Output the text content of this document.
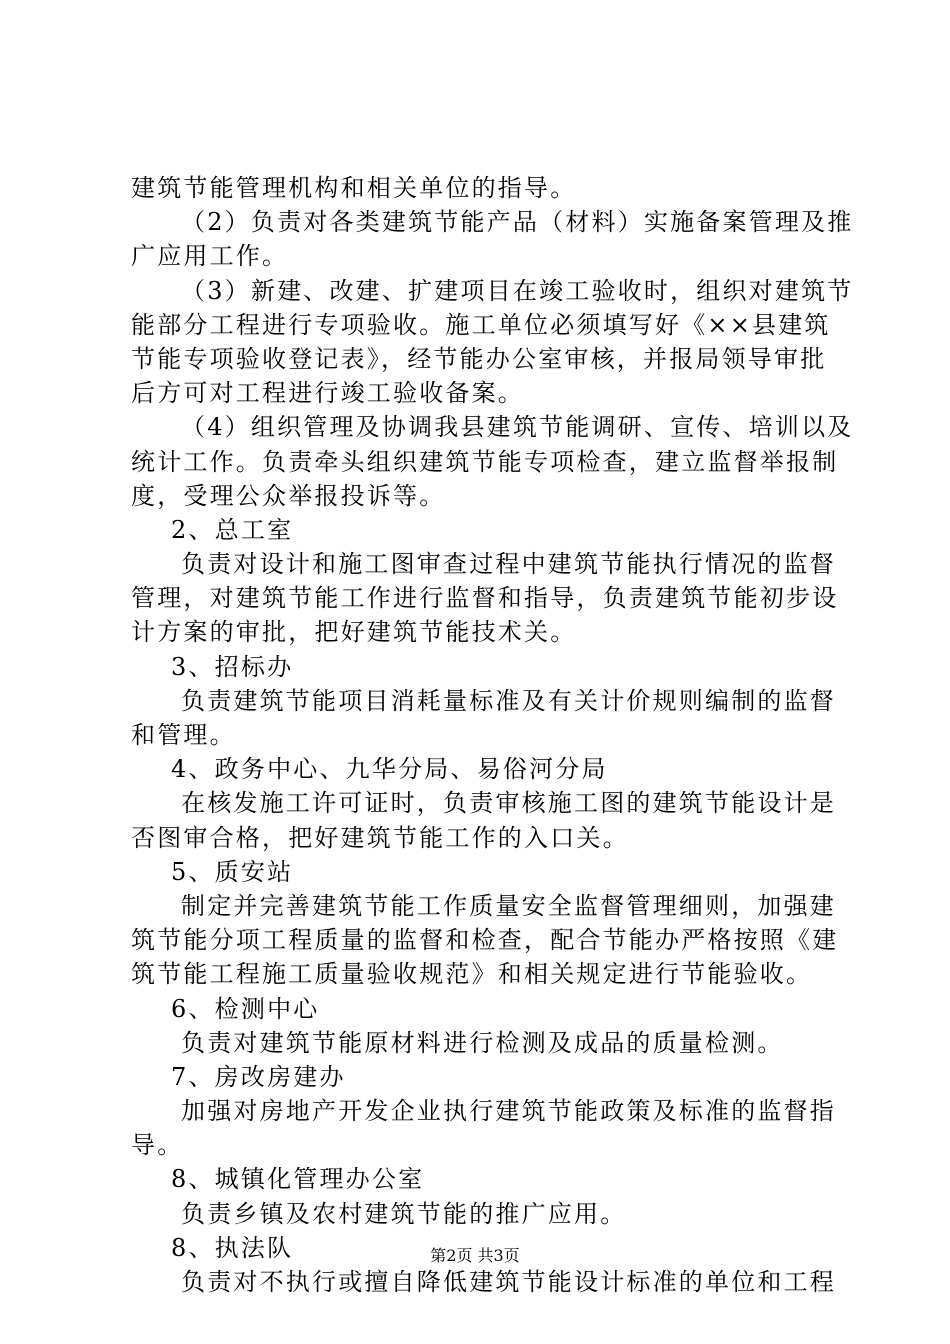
建筑节能管理机构和相关单位的指导。
（2）负责对各类建筑节能产品（材料）实施备案管理及推
广应用工作。
（3）新建、改建、扩建项目在竣工验收时，组织对建筑节
能部分工程进行专项验收。施工单位必须填写好《××县建筑
节能专项验收登记表》，经节能办公室审核，并报局领导审批
后方可对工程进行竣工验收备案。
（4）组织管理及协调我县建筑节能调研、宣传、培训以及
统计工作。负责牵头组织建筑节能专项检查，建立监督举报制
度，受理公众举报投诉等。
2、总工室
负责对设计和施工图审查过程中建筑节能执行情况的监督
管理，对建筑节能工作进行监督和指导，负责建筑节能初步设
计方案的审批，把好建筑节能技术关。
3、招标办
负责建筑节能项目消耗量标准及有关计价规则编制的监督
和管理。
4、政务中心、九华分局、易俗河分局
在核发施工许可证时，负责审核施工图的建筑节能设计是
否图审合格，把好建筑节能工作的入口关。
5、质安站
制定并完善建筑节能工作质量安全监督管理细则，加强建
筑节能分项工程质量的监督和检查，配合节能办严格按照《建
筑节能工程施工质量验收规范》和相关规定进行节能验收。
6、检测中心
负责对建筑节能原材料进行检测及成品的质量检测。
7、房改房建办
加强对房地产开发企业执行建筑节能政策及标准的监督指
导。
8、城镇化管理办公室
负责乡镇及农村建筑节能的推广应用。
8、执法队
负责对不执行或擅自降低建筑节能设计标准的单位和工程
第2页 共3页
